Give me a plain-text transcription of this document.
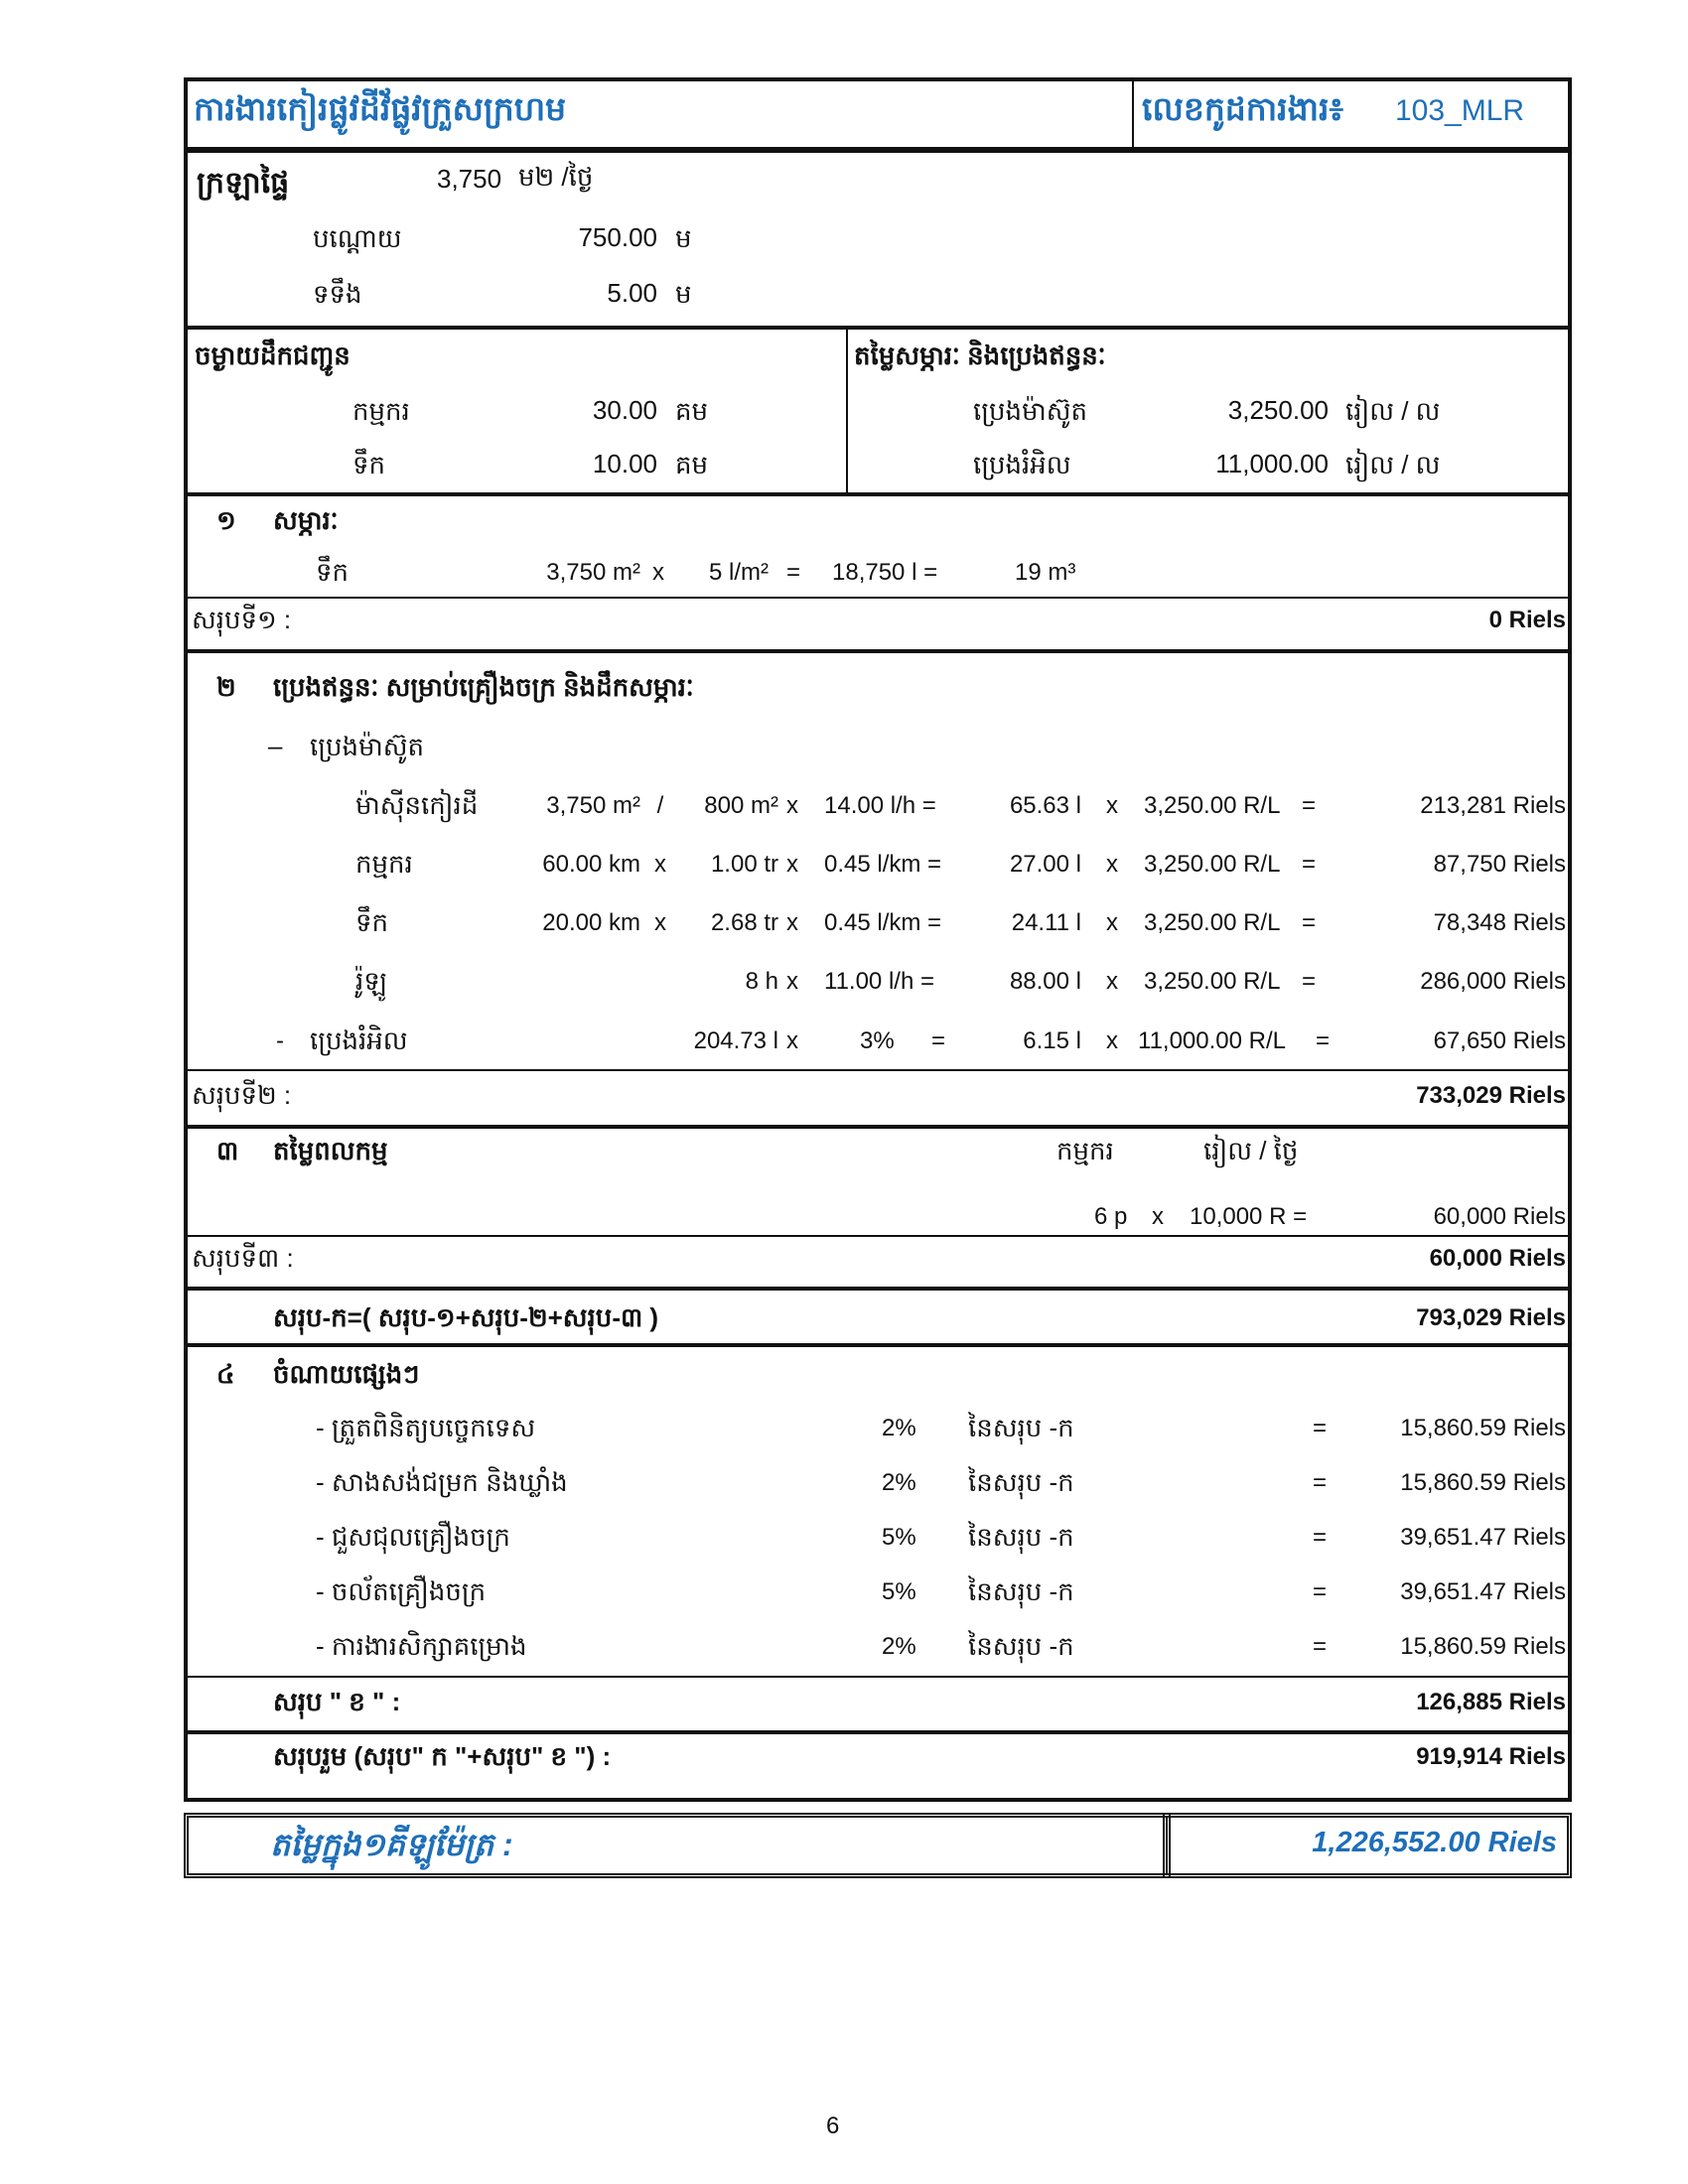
ការងារកៀរផ្លូវដីវ័ផ្លូវក្រួសក្រហម	លេខកូដការងារ៖ 103_MLR
ក្រឡាផ្ទៃ	3,750 ម២ /ថ្ងៃ
បណ្តោយ	750.00 ម
ទទឹង	5.00 ម
ចម្ងាយដឹកជញ្ជូន
កម្មករ	30.00 គម
ទឹក	10.00 គម
តម្លៃសម្ភារៈ និងប្រេងឥន្ធនៈ
ប្រេងម៉ាស៊ូត	3,250.00 រៀល / ល
ប្រេងរំអិល	11,000.00 រៀល / ល
១ សម្ភារៈ
ទឹក	3,750 m² x	5 l/m² = 18,750 l =	19 m³
សរុបទី១ :	0 Riels
២ ប្រេងឥន្ធនៈ សម្រាប់គ្រឿងចក្រ និងដឹកសម្ភារៈ
– ប្រេងម៉ាស៊ូត
ម៉ាស៊ីនកៀរដី	3,750 m² /	800 m² x 14.00 l/h =	65.63 l x 3,250.00 R/L =	213,281 Riels
កម្មករ	60.00 km x	1.00 tr x 0.45 l/km =	27.00 l x 3,250.00 R/L =	87,750 Riels
ទឹក	20.00 km x	2.68 tr x 0.45 l/km =	24.11 l x 3,250.00 R/L =	78,348 Riels
រ៉ូឡូ	8 h x 11.00 l/h =	88.00 l x 3,250.00 R/L =	286,000 Riels
- ប្រេងរំអិល	204.73 l x	3% =	6.15 l x 11,000.00 R/L =	67,650 Riels
សរុបទី២ :	733,029 Riels
៣ តម្លៃពលកម្ម	កម្មករ	រៀល / ថ្ងៃ
6 p x 10,000 R =	60,000 Riels
សរុបទី៣ :	60,000 Riels
សរុប-ក=( សរុប-១+សរុប-២+សរុប-៣ )	793,029 Riels
៤ ចំណាយផ្សេងៗ
- ត្រួតពិនិត្យបច្ចេកទេស	2% នៃសរុប -ក	=	15,860.59 Riels
- សាងសង់ជម្រក និងឃ្លាំង	2% នៃសរុប -ក	=	15,860.59 Riels
- ជួសជុលគ្រឿងចក្រ	5% នៃសរុប -ក	=	39,651.47 Riels
- ចល័តគ្រឿងចក្រ	5% នៃសរុប -ក	=	39,651.47 Riels
- ការងារសិក្សាគម្រោង	2% នៃសរុប -ក	=	15,860.59 Riels
សរុប " ខ " :	126,885 Riels
សរុបរួម (សរុប" ក "+សរុប" ខ ") :	919,914 Riels
តម្លៃក្នុង១គីឡូម៉ែត្រ :	1,226,552.00 Riels
6
